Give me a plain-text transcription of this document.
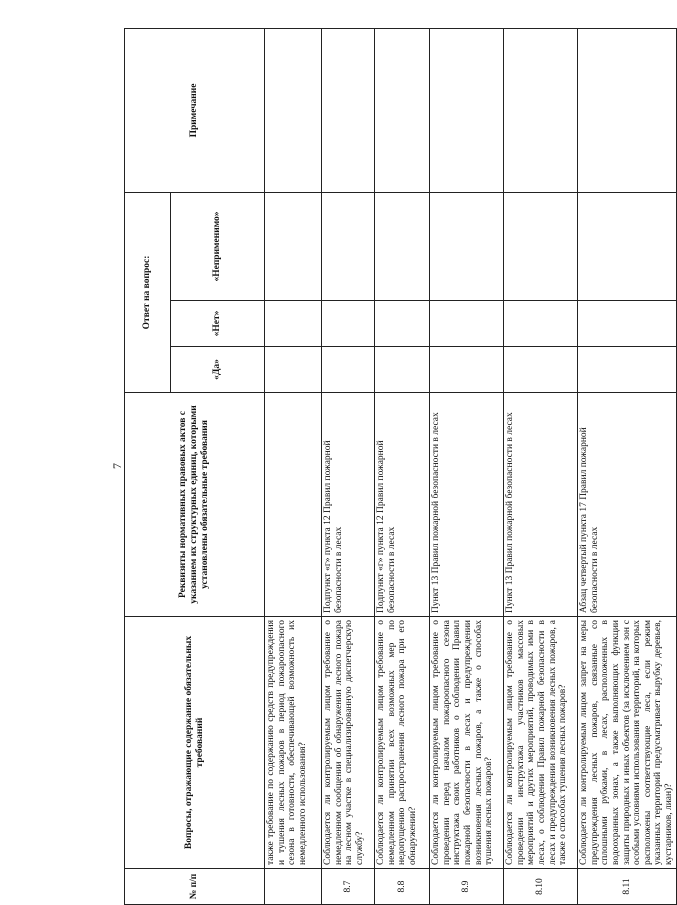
7
№ п/п	Вопросы, отражающие содержание обязательных требований	Реквизиты нормативных правовых актов с указанием их структурных единиц, которыми установлены обязательные требования	Ответ на вопрос:			Примечание
			«Да»	«Нет»	«Неприменимо»	
	также требование по содержанию средств предупреждения и тушения лесных пожаров в период пожароопасного сезона в готовности, обеспечивающей возможность их немедленного использования?					
8.7	Соблюдается ли контролируемым лицом требование о немедленном сообщении об обнаружении лесного пожара на лесном участке в специализированную диспетчерскую службу?	Подпункт «г» пункта 12 Правил пожарной безопасности в лесах				
8.8	Соблюдается ли контролируемым лицом требование о немедленном принятии всех возможных мер по недопущению распространения лесного пожара при его обнаружении?	Подпункт «г» пункта 12 Правил пожарной безопасности в лесах				
8.9	Соблюдается ли контролируемым лицом требование о проведении перед началом пожароопасного сезона инструктажа своих работников о соблюдении Правил пожарной безопасности в лесах и предупреждении возникновения лесных пожаров, а также о способах тушения лесных пожаров?	Пункт 13 Правил пожарной безопасности в лесах				
8.10	Соблюдается ли контролируемым лицом требование о проведении инструктажа участников массовых мероприятий и других мероприятий, проводимых ими в лесах, о соблюдении Правил пожарной безопасности в лесах и предупреждении возникновения лесных пожаров, а также о способах тушения лесных пожаров?	Пункт 13 Правил пожарной безопасности в лесах				
8.11	Соблюдается ли контролируемым лицом запрет на меры предупреждения лесных пожаров, связанные со сплошными рубками, в лесах, расположенных в водоохранных зонах, а также выполняющих функции защиты природных и иных объектов (за исключением зон с особыми условиями использования территорий, на которых расположены соответствующие леса, если режим указанных территорий предусматривает вырубку деревьев, кустарников, лиан)?	Абзац четвертый пункта 17 Правил пожарной безопасности в лесах				
